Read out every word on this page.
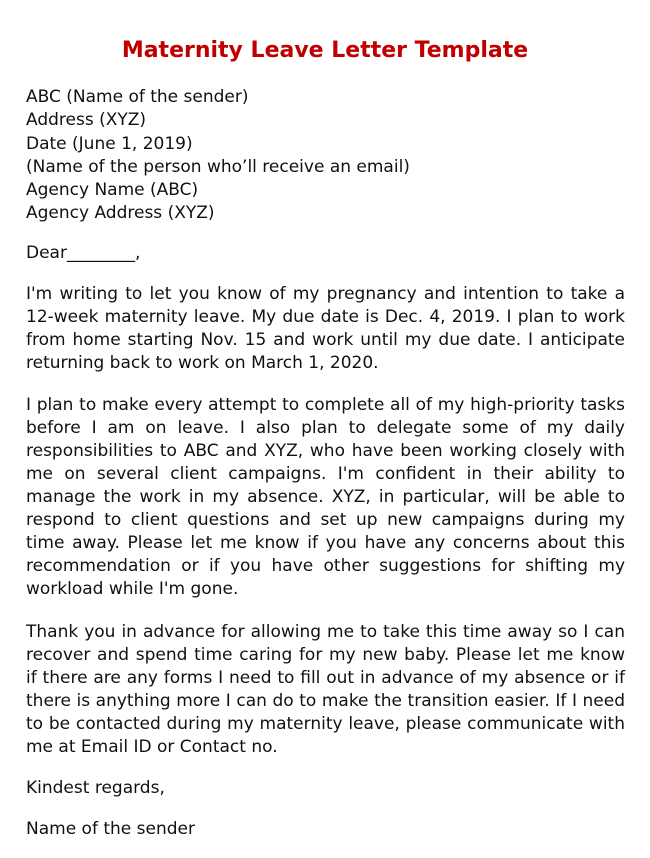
Maternity Leave Letter Template
ABC (Name of the sender)
Address (XYZ)
Date (June 1, 2019)
(Name of the person who’ll receive an email)
Agency Name (ABC)
Agency Address (XYZ)
Dear________,

I'm writing to let you know of my pregnancy and intention to take a 12-week maternity leave. My due date is Dec. 4, 2019. I plan to work from home starting Nov. 15 and work until my due date. I anticipate returning back to work on March 1, 2020.

I plan to make every attempt to complete all of my high-priority tasks before I am on leave. I also plan to delegate some of my daily responsibilities to ABC and XYZ, who have been working closely with me on several client campaigns. I'm confident in their ability to manage the work in my absence. XYZ, in particular, will be able to respond to client questions and set up new campaigns during my time away. Please let me know if you have any concerns about this recommendation or if you have other suggestions for shifting my workload while I'm gone.

Thank you in advance for allowing me to take this time away so I can recover and spend time caring for my new baby. Please let me know if there are any forms I need to fill out in advance of my absence or if there is anything more I can do to make the transition easier. If I need to be contacted during my maternity leave, please communicate with me at Email ID or Contact no.

Kindest regards,
Name of the sender
